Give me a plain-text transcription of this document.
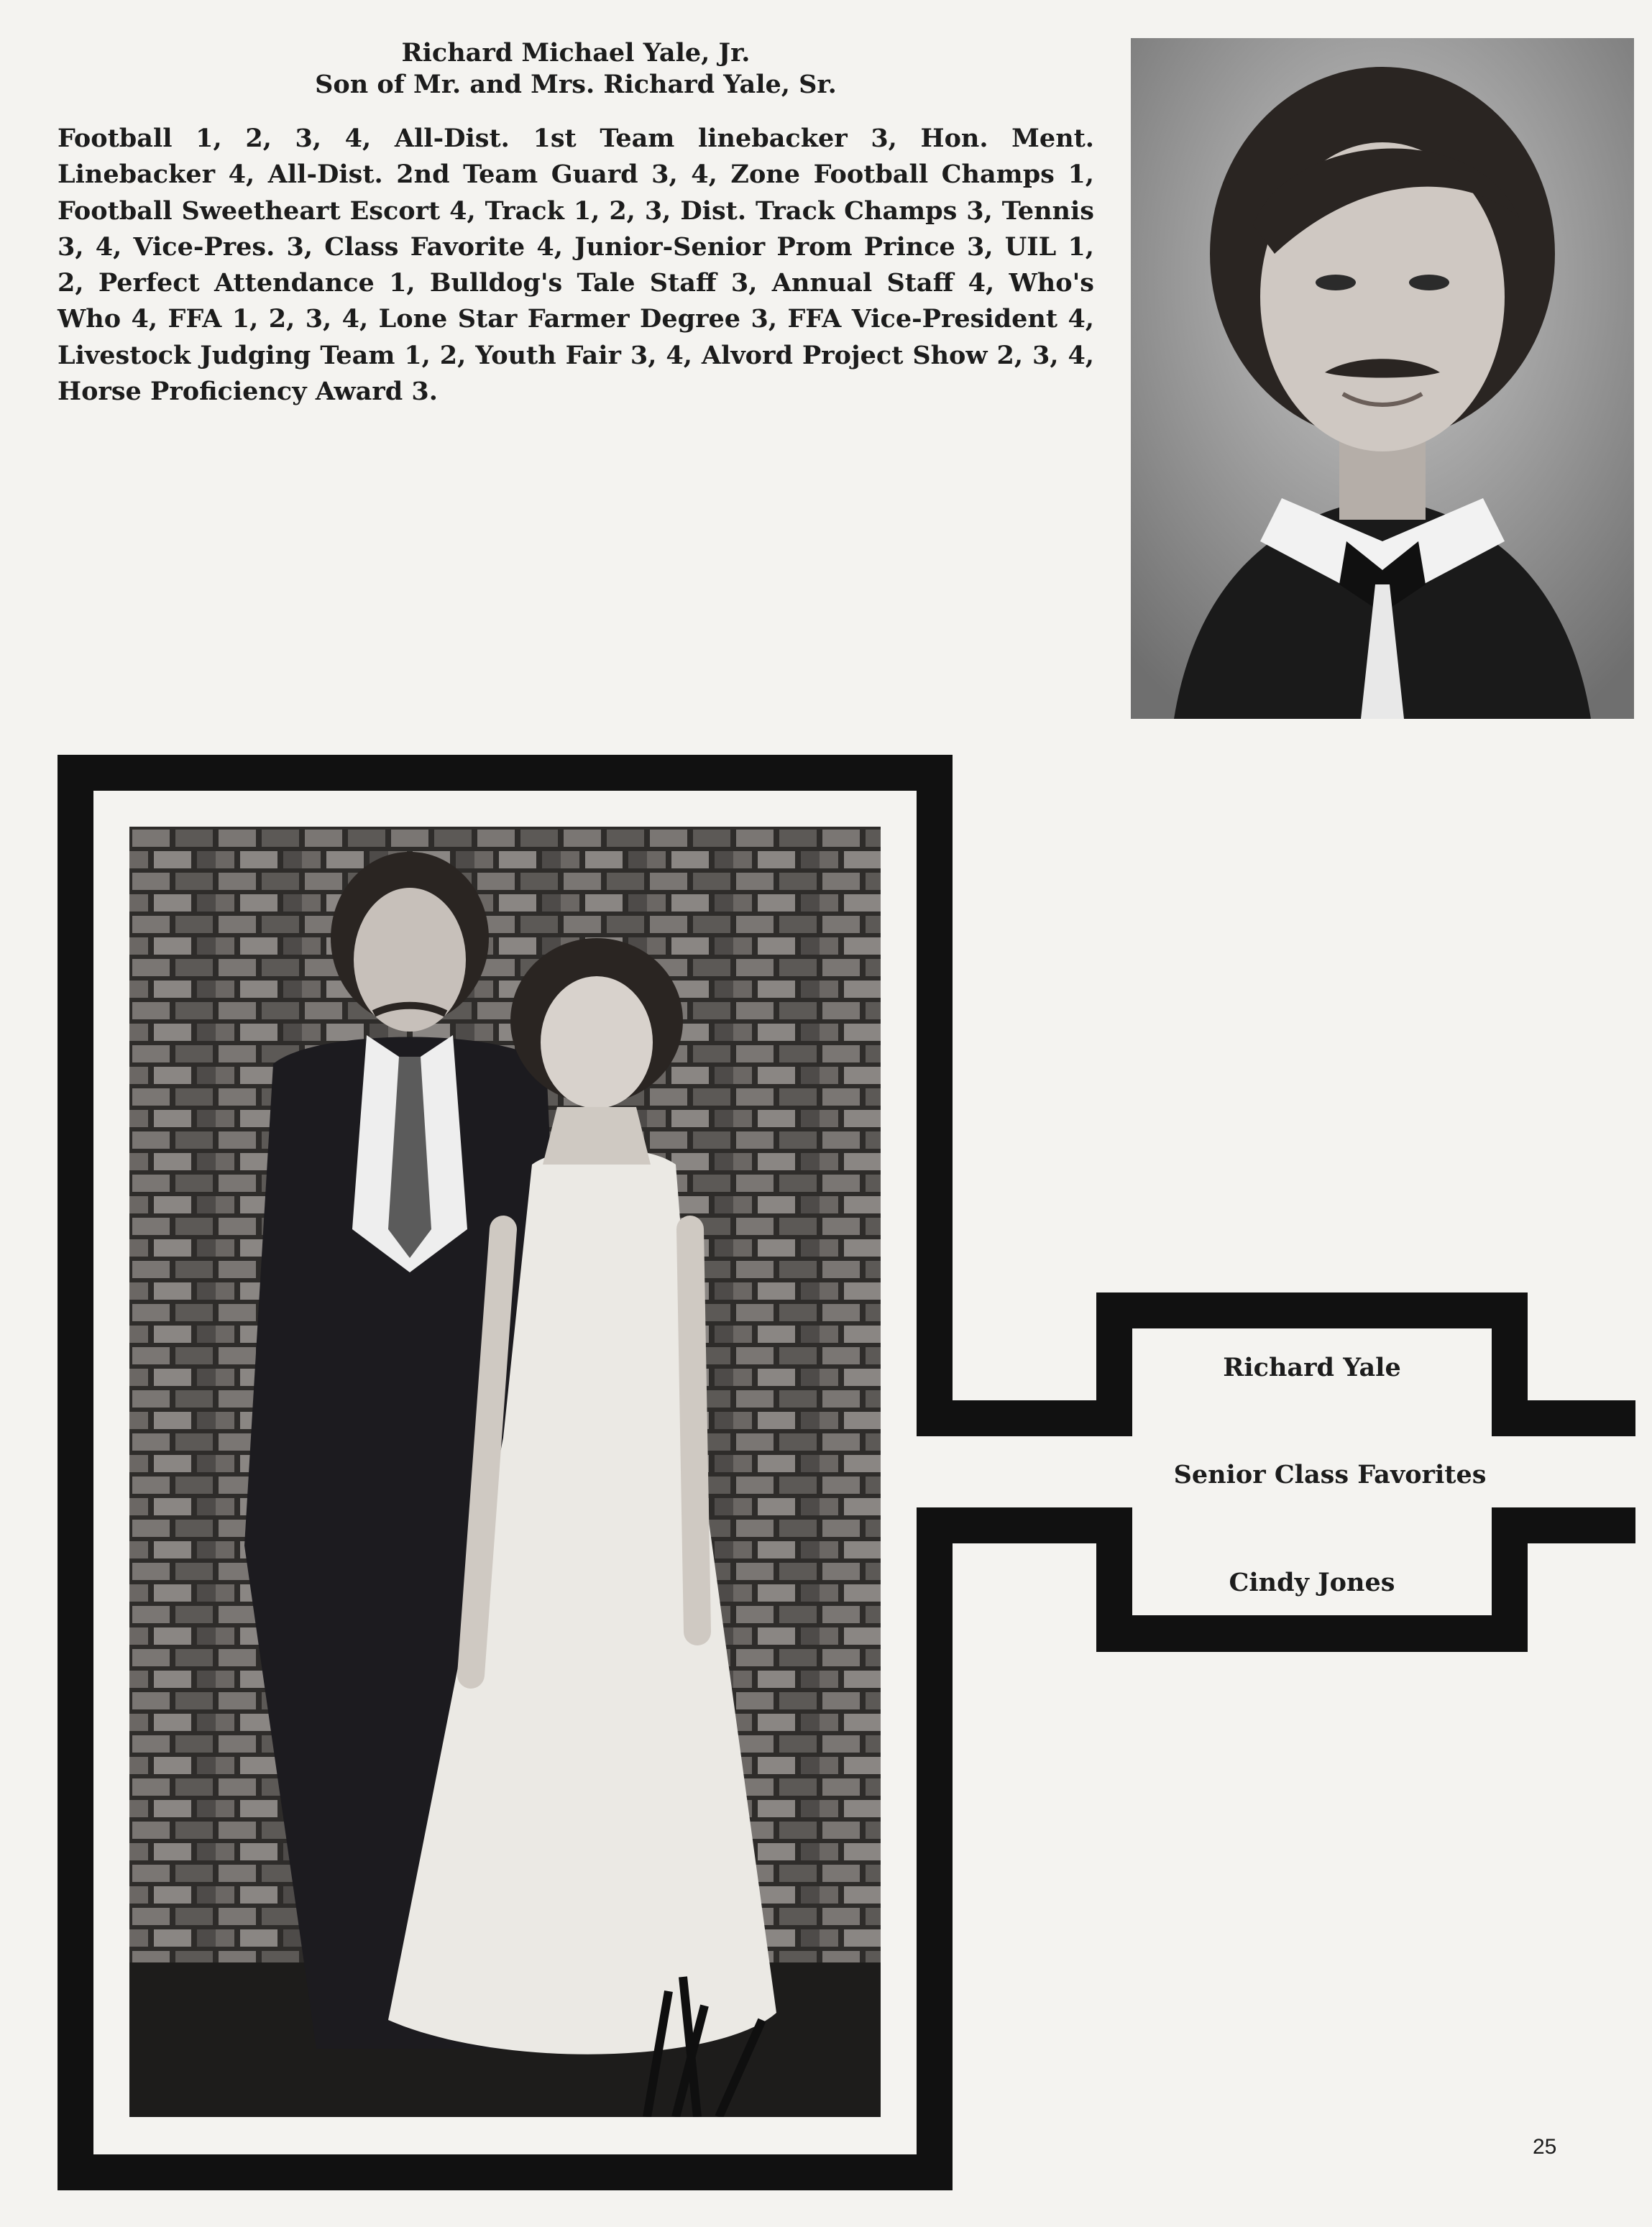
Richard Michael Yale, Jr.
Son of Mr. and Mrs. Richard Yale, Sr.

Football 1, 2, 3, 4, All-Dist. 1st Team linebacker 3, Hon. Ment. Linebacker 4, All-Dist. 2nd Team Guard 3, 4, Zone Football Champs 1, Football Sweetheart Escort 4, Track 1, 2, 3, Dist. Track Champs 3, Tennis 3, 4, Vice-Pres. 3, Class Favorite 4, Junior-Senior Prom Prince 3, UIL 1, 2, Perfect Attendance 1, Bulldog's Tale Staff 3, Annual Staff 4, Who's Who 4, FFA 1, 2, 3, 4, Lone Star Farmer Degree 3, FFA Vice-President 4, Livestock Judging Team 1, 2, Youth Fair 3, 4, Alvord Project Show 2, 3, 4, Horse Proficiency Award 3.

Richard Yale
Senior Class Favorites
Cindy Jones
25
